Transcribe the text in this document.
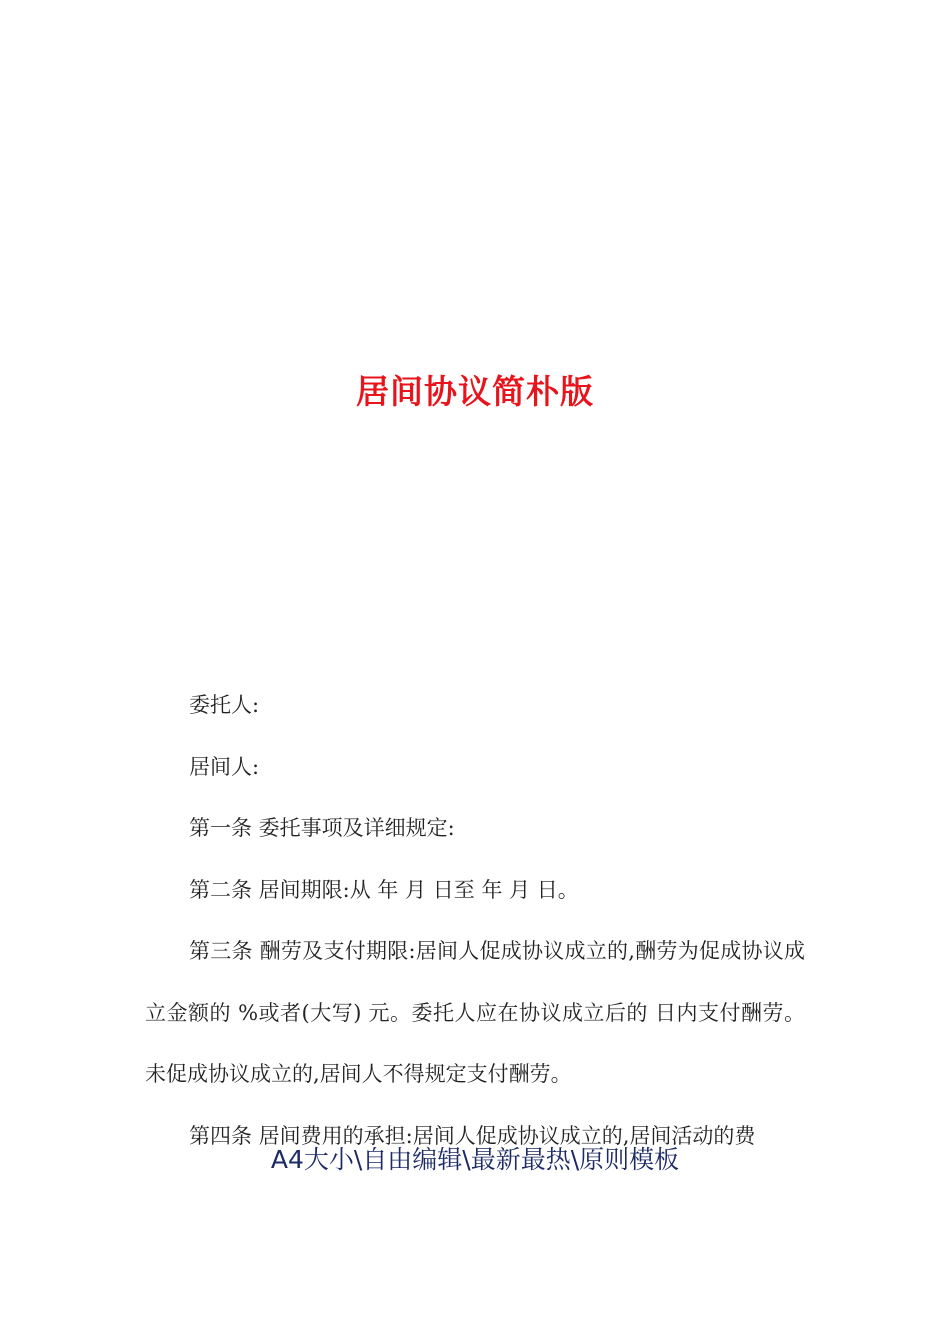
居间协议简朴版

委托人:

居间人:

第一条 委托事项及详细规定:

第二条 居间期限:从 年 月 日至 年 月 日。

第三条 酬劳及支付期限:居间人促成协议成立的,酬劳为促成协议成立金额的 %或者(大写) 元。委托人应在协议成立后的 日内支付酬劳。未促成协议成立的,居间人不得规定支付酬劳。

第四条 居间费用的承担:居间人促成协议成立的,居间活动的费

A4大小\自由编辑\最新最热\原则模板
